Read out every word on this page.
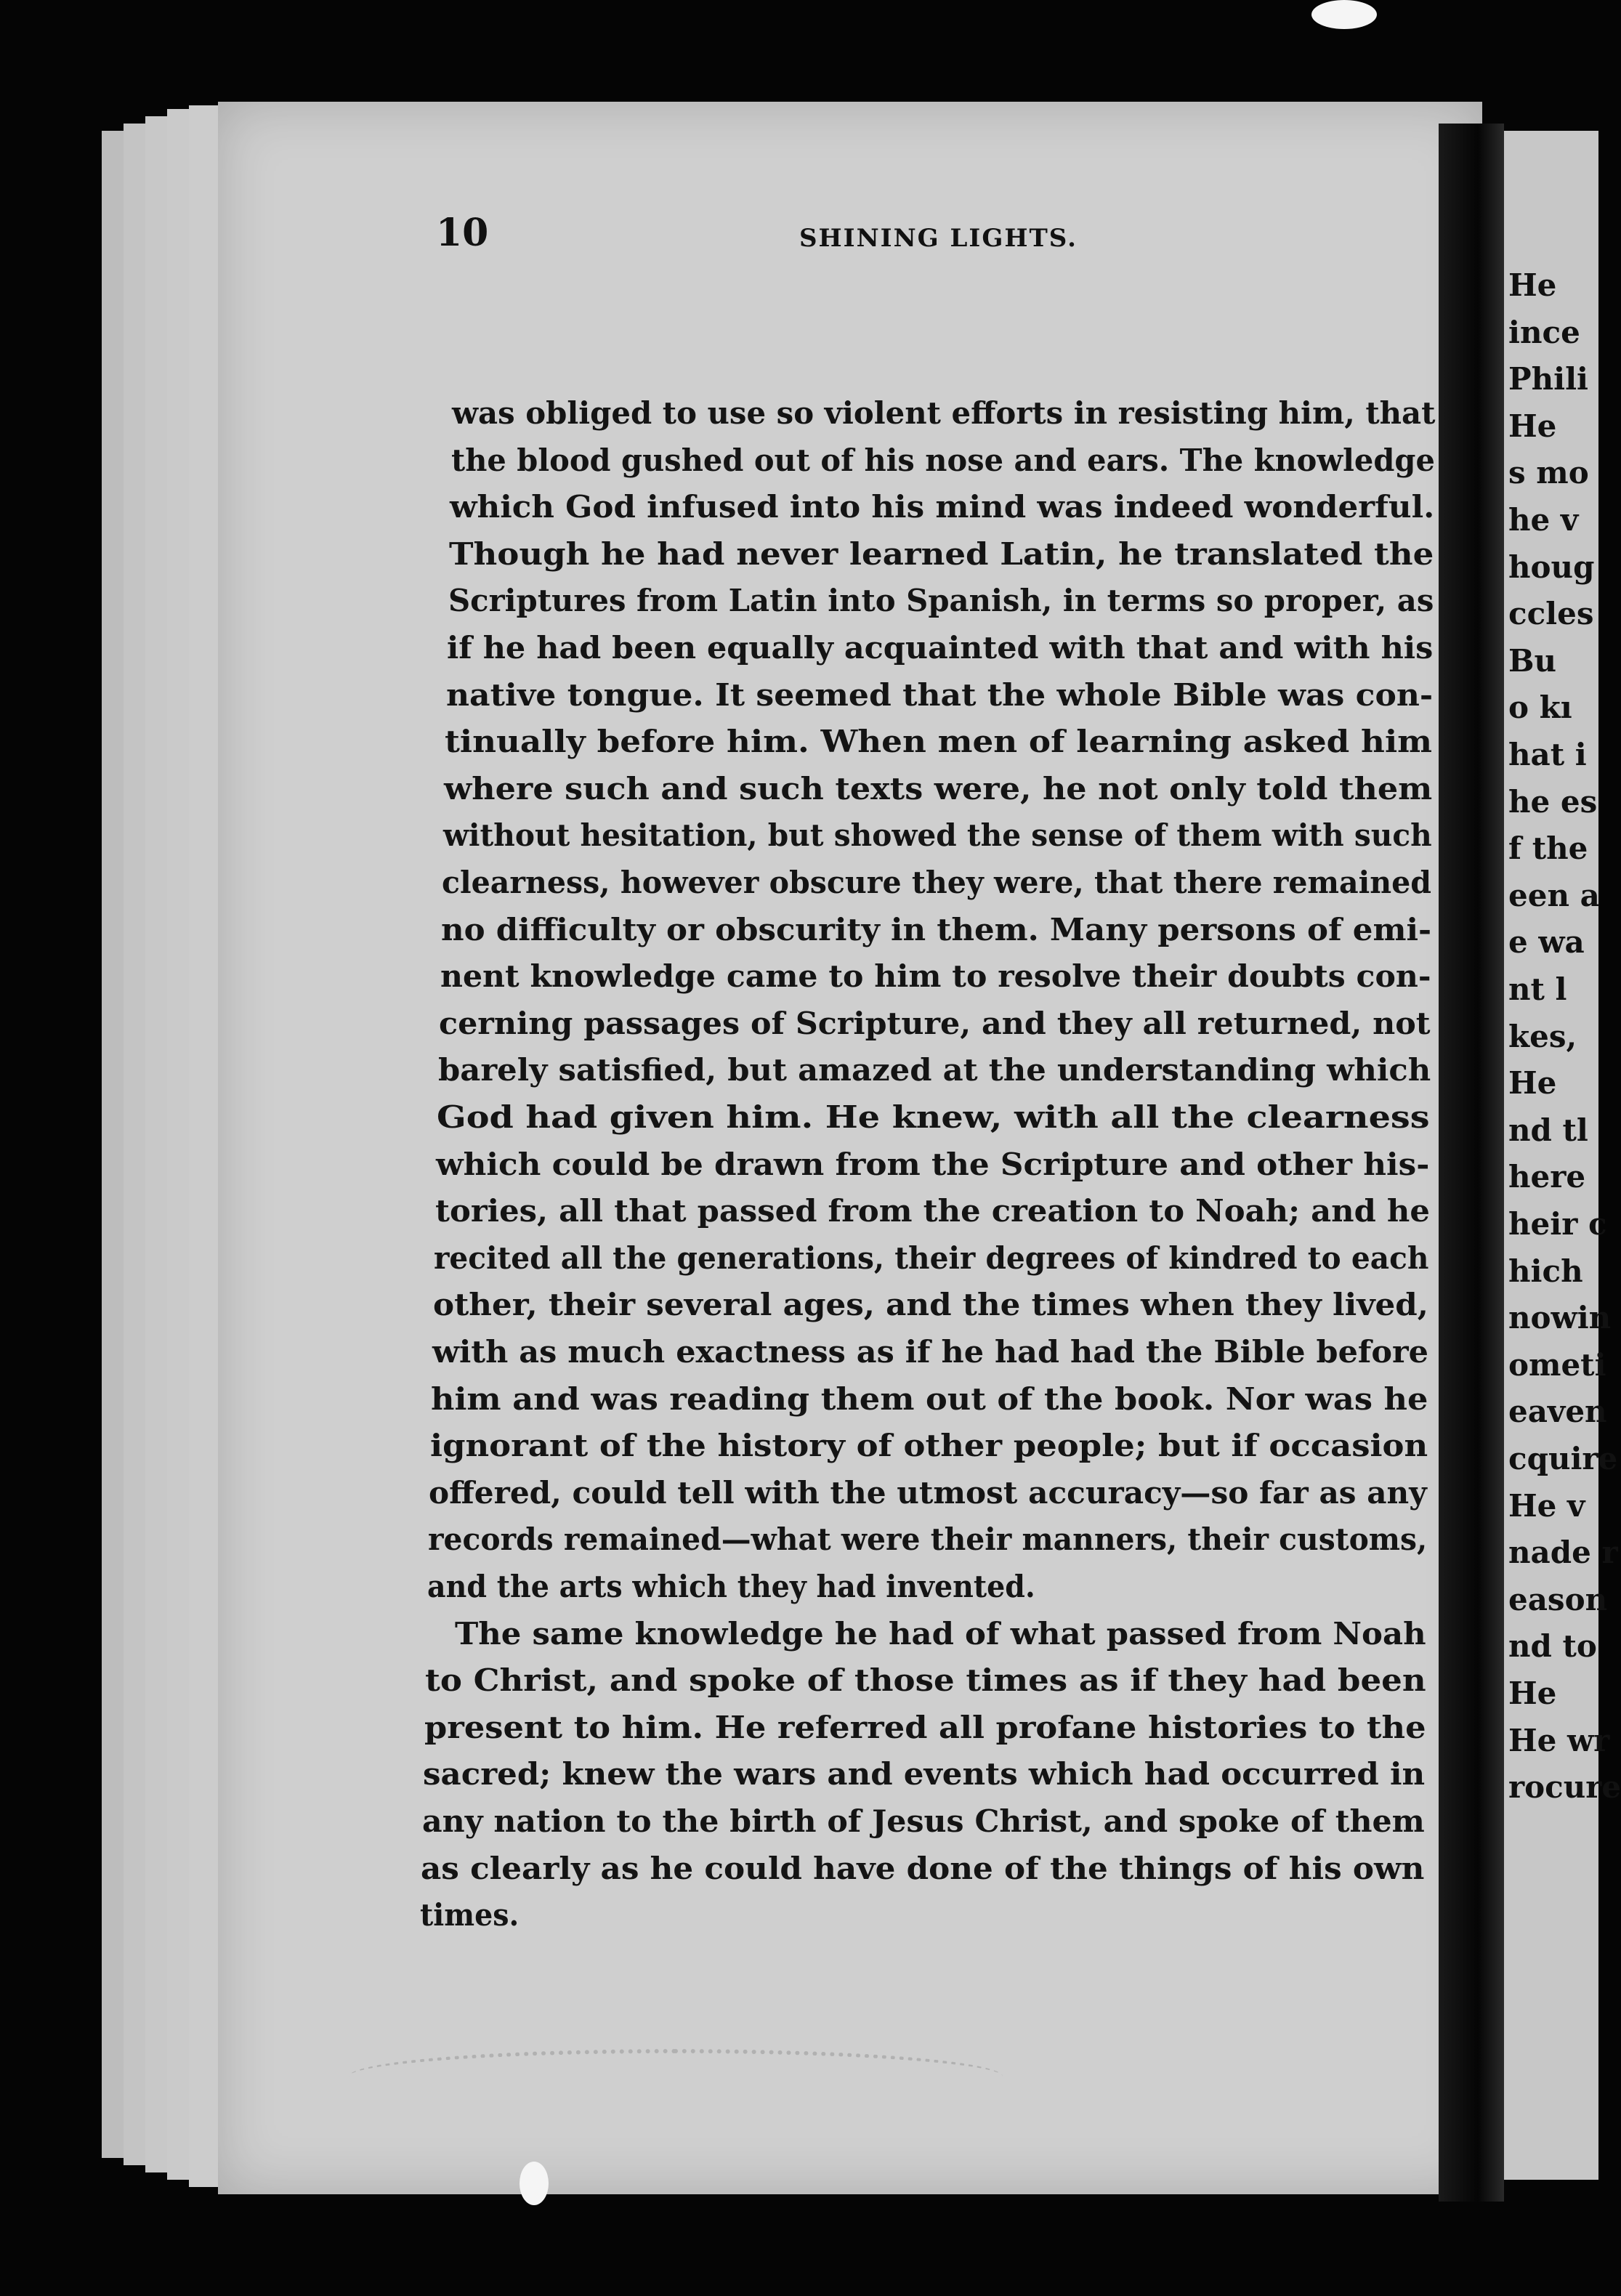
He
ince
Phili
He
s mo
he v
houg
ccles
Bu
o kı
hat i
he es
f the
een a
e wa
nt l
kes,
He
nd tl
here
heir c
hich
nowin
ometi
eaven
cquire
He v
nade r
eason
nd to
He
He wr
rocure
10	SHINING LIGHTS.
was obliged to use so violent efforts in resisting him, that
the blood gushed out of his nose and ears. The knowledge
which God infused into his mind was indeed wonderful.
Though he had never learned Latin, he translated the
Scriptures from Latin into Spanish, in terms so proper, as
if he had been equally acquainted with that and with his
native tongue. It seemed that the whole Bible was con-
tinually before him. When men of learning asked him
where such and such texts were, he not only told them
without hesitation, but showed the sense of them with such
clearness, however obscure they were, that there remained
no difficulty or obscurity in them. Many persons of emi-
nent knowledge came to him to resolve their doubts con-
cerning passages of Scripture, and they all returned, not
barely satisfied, but amazed at the understanding which
God had given him. He knew, with all the clearness
which could be drawn from the Scripture and other his-
tories, all that passed from the creation to Noah; and he
recited all the generations, their degrees of kindred to each
other, their several ages, and the times when they lived,
with as much exactness as if he had had the Bible before
him and was reading them out of the book. Nor was he
ignorant of the history of other people; but if occasion
offered, could tell with the utmost accuracy—so far as any
records remained—what were their manners, their customs,
and the arts which they had invented.
The same knowledge he had of what passed from Noah
to Christ, and spoke of those times as if they had been
present to him. He referred all profane histories to the
sacred; knew the wars and events which had occurred in
any nation to the birth of Jesus Christ, and spoke of them
as clearly as he could have done of the things of his own
times.
